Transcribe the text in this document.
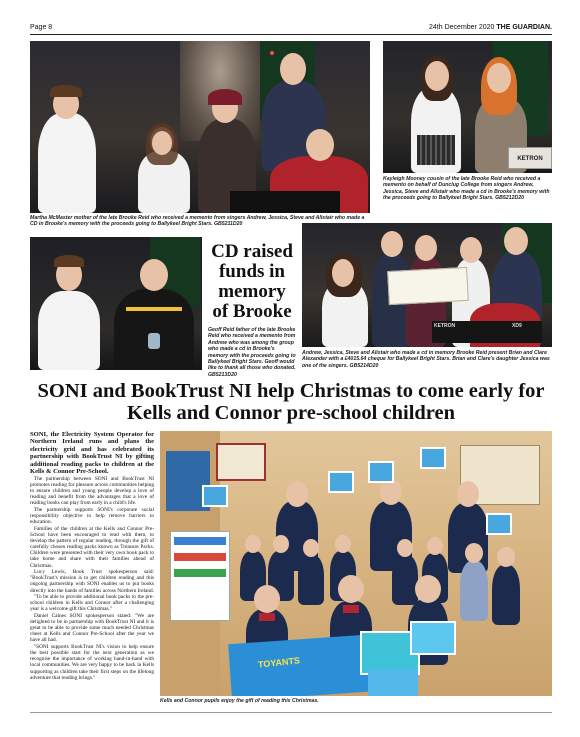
Page 8	24th December 2020 THE GUARDIAN.
KETRON
Kayleigh Mooney cousin of the late Brooke Reid who received a memento on behalf of Dunclug College from singers Andrew, Jessica, Steve and Alistair who made a cd in Brooke's memory with the proceeds going to Ballykeel Bright Stars. GB5212D20
Martha McMaster mother of the late Brooke Reid who received a memento from singers Andrew, Jessica, Steve and Alistair who made a CD in Brooke's memory with the proceeds going to Ballykeel Bright Stars. GB5211D20
CD raised funds in memory of Brooke
Geoff Reid father of the late Brooke Reid who received a memento from Andrew who was among the group who made a cd in Brooke's memory with the proceeds going to Ballykeel Bright Stars. Geoff would like to thank all those who donated. GB5213D20
KETRON	XD9
Andrew, Jessica, Steve and Alistair who made a cd in memory Brooke Reid present Brian and Clare Alexander with a £4015.64 cheque for Ballykeel Bright Stars. Brian and Clare's daughter Jessica was one of the singers. GB5214D20
SONI and BookTrust NI help Christmas to come early for Kells and Connor pre-school children

SONI, the Electricity System Operator for Northern Ireland runs and plans the electricity grid and has celebrated its partnership with BookTrust NI by gifting additional reading packs to children at the Kells & Connor Pre-School.

The partnership between SONI and BookTrust NI promotes reading for pleasure across communities helping to ensure children and young people develop a love of reading and benefit from the advantages that a love of reading books can play from early in a child's life.

The partnership supports SONI's corporate social responsibility objective to help remove barriers to education.

Families of the children at the Kells and Connor Pre-School have been encouraged to read with them, to develop the pattern of regular reading, through the gift of carefully chosen reading packs known as Treasure Packs. Children were presented with their very own book pack to take home and share with their families ahead of Christmas.

Lucy Lewis, Book Trust spokesperson said: "BookTrust's mission is to get children reading and this ongoing partnership with SONI enables us to put books directly into the hands of families across Northern Ireland.

"To be able to provide additional book packs to the pre-school children in Kells and Connor after a challenging year is a welcome gift this Christmas."

Daniel Caines SONI spokesperson stated: "We are delighted to be in partnership with BookTrust NI and it is great to be able to provide some much needed Christmas cheer at Kells and Connor Pre-School after the year we have all had.

"SONI supports BookTrust NI's vision to help ensure the best possible start for the next generation as we recognise the importance of working hand-in-hand with local communities. We are very happy to be back in Kells supporting as children take their first steps on the lifelong adventure that reading brings."

TOYANTS
Kells and Connor pupils enjoy the gift of reading this Christmas.
